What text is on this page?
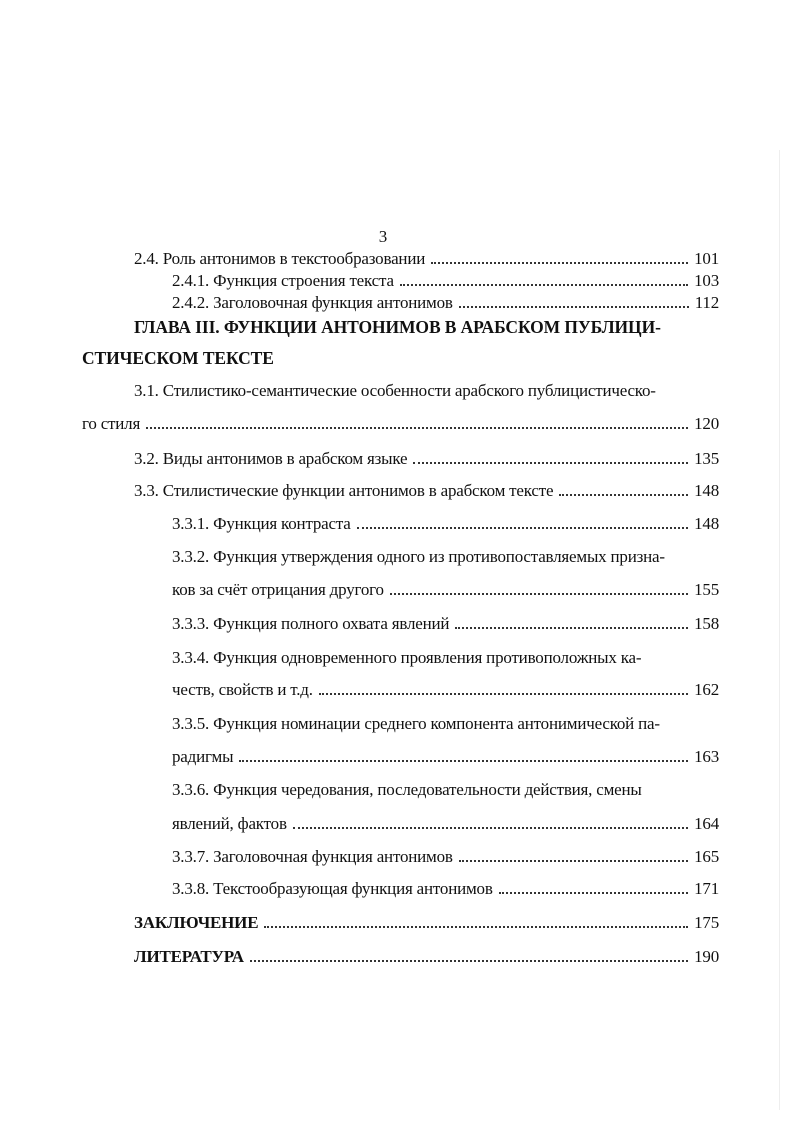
3
2.4. Роль антонимов в текстообразовании	101
2.4.1. Функция строения текста	103
2.4.2. Заголовочная функция антонимов	112
ГЛАВА III. ФУНКЦИИ АНТОНИМОВ В АРАБСКОМ ПУБЛИЦИ-
СТИЧЕСКОМ ТЕКСТЕ
3.1. Стилистико-семантические особенности арабского публицистическо-
го стиля	120
3.2. Виды антонимов в арабском языке	135
3.3. Стилистические функции антонимов в арабском тексте	148
3.3.1. Функция контраста	148
3.3.2. Функция утверждения одного из противопоставляемых призна-
ков за счёт отрицания другого	155
3.3.3. Функция полного охвата явлений	158
3.3.4. Функция одновременного проявления противоположных ка-
честв, свойств и т.д.	162
3.3.5. Функция номинации среднего компонента антонимической па-
радигмы	163
3.3.6. Функция чередования, последовательности действия, смены
явлений, фактов	164
3.3.7. Заголовочная функция антонимов	165
3.3.8. Текстообразующая функция антонимов	171
ЗАКЛЮЧЕНИЕ	175
ЛИТЕРАТУРА	190
